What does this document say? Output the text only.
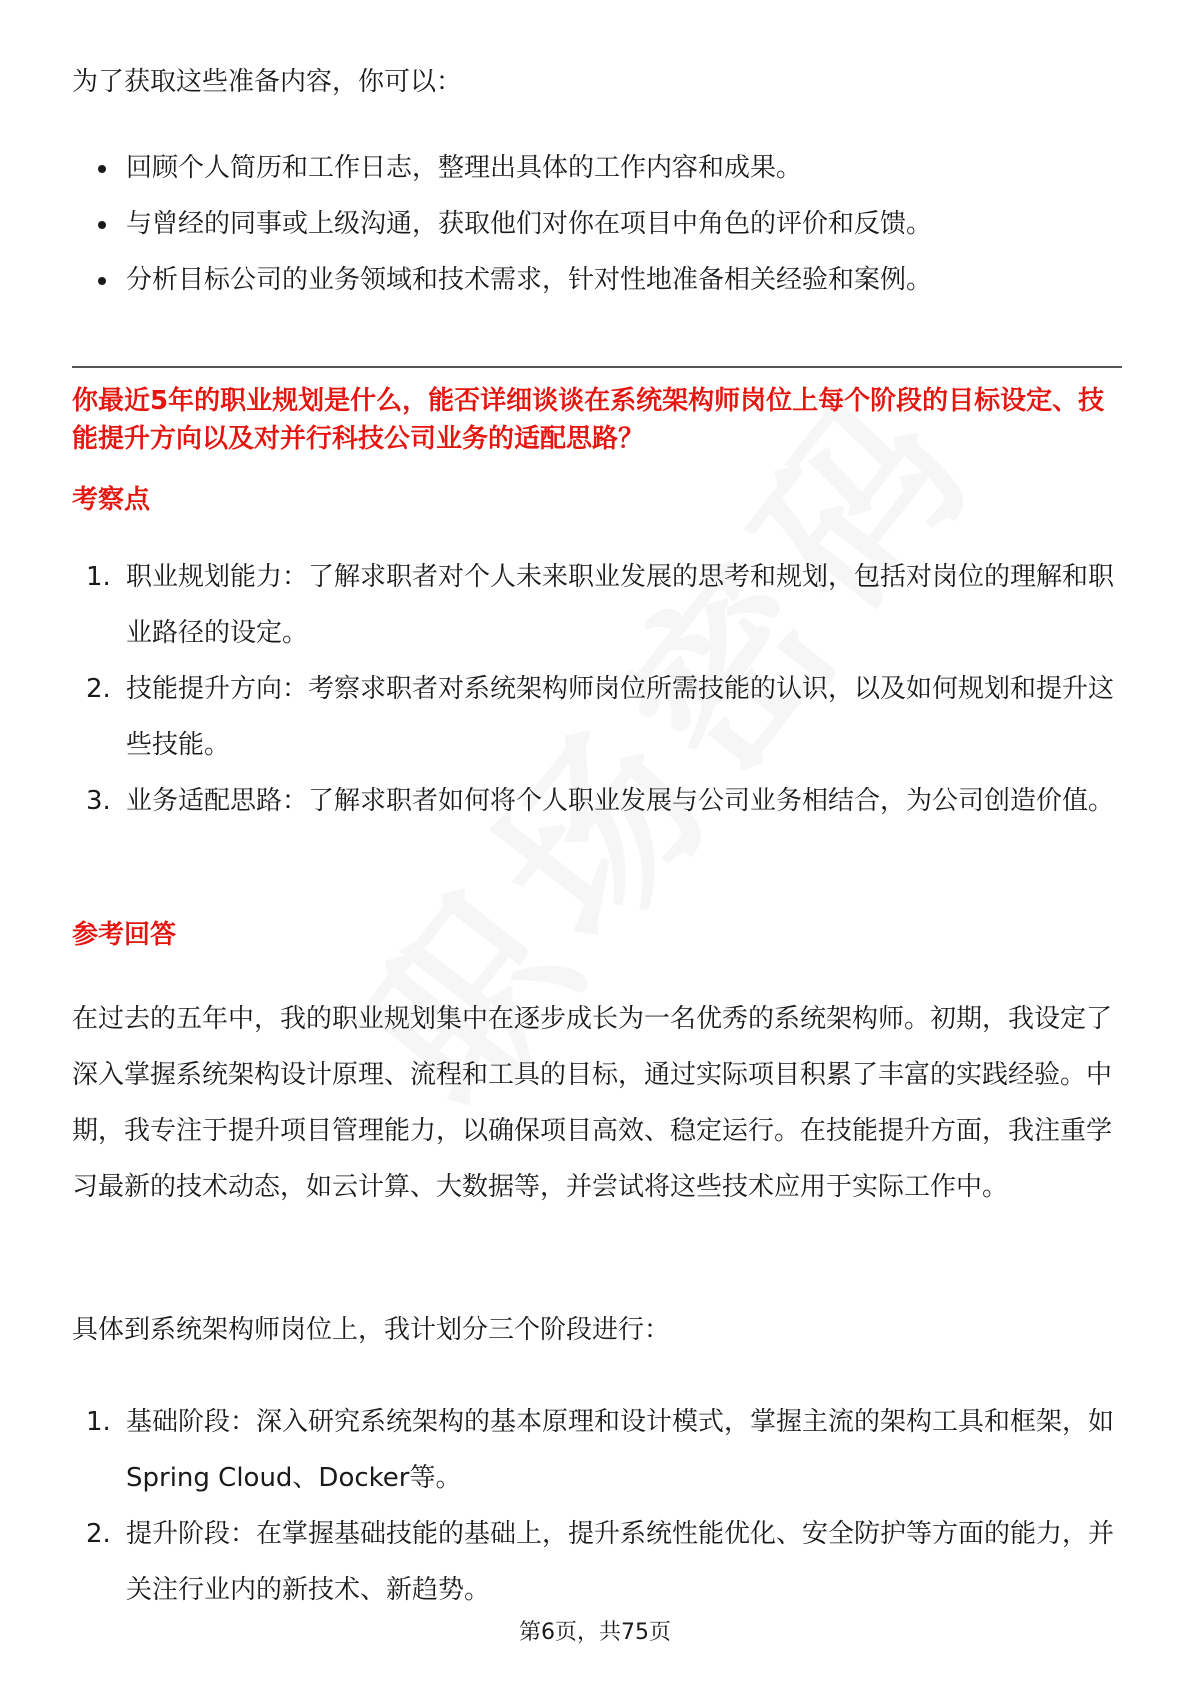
为了获取这些准备内容，你可以：

回顾个人简历和工作日志，整理出具体的工作内容和成果。
与曾经的同事或上级沟通，获取他们对你在项目中角色的评价和反馈。
分析目标公司的业务领域和技术需求，针对性地准备相关经验和案例。

你最近5年的职业规划是什么，能否详细谈谈在系统架构师岗位上每个阶段的目标设定、技能提升方向以及对并行科技公司业务的适配思路？

考察点

1. 职业规划能力：了解求职者对个人未来职业发展的思考和规划，包括对岗位的理解和职业路径的设定。
2. 技能提升方向：考察求职者对系统架构师岗位所需技能的认识，以及如何规划和提升这些技能。
3. 业务适配思路：了解求职者如何将个人职业发展与公司业务相结合，为公司创造价值。

参考回答

在过去的五年中，我的职业规划集中在逐步成长为一名优秀的系统架构师。初期，我设定了深入掌握系统架构设计原理、流程和工具的目标，通过实际项目积累了丰富的实践经验。中期，我专注于提升项目管理能力，以确保项目高效、稳定运行。在技能提升方面，我注重学习最新的技术动态，如云计算、大数据等，并尝试将这些技术应用于实际工作中。

具体到系统架构师岗位上，我计划分三个阶段进行：

1. 基础阶段：深入研究系统架构的基本原理和设计模式，掌握主流的架构工具和框架，如Spring Cloud、Docker等。
2. 提升阶段：在掌握基础技能的基础上，提升系统性能优化、安全防护等方面的能力，并关注行业内的新技术、新趋势。
第6页，共75页
